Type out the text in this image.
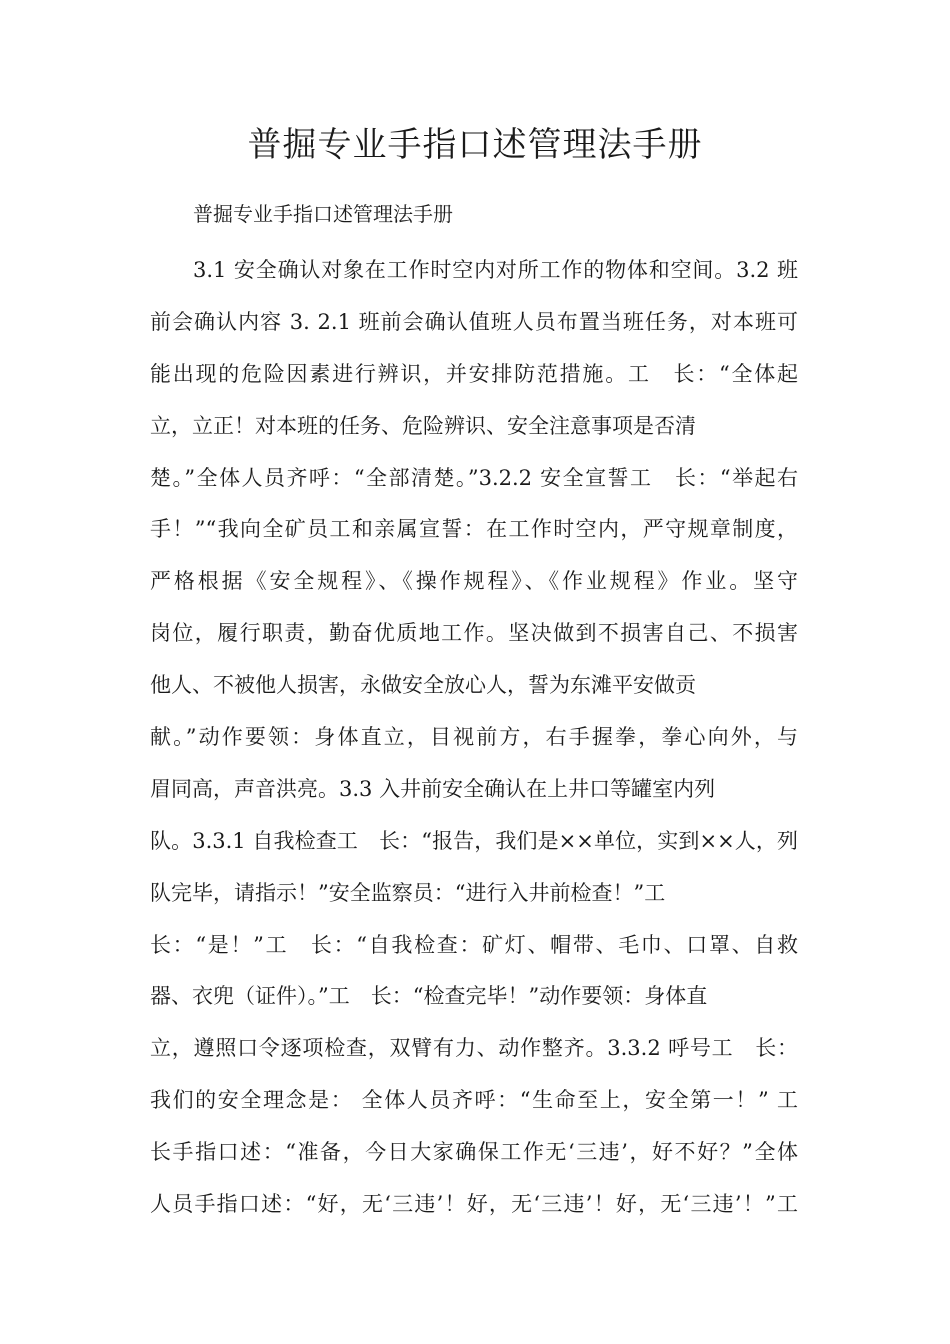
普掘专业手指口述管理法手册

普掘专业手指口述管理法手册

3.1 安全确认对象在工作时空内对所工作的物体和空间。3.2 班
前会确认内容 3. 2.1 班前会确认值班人员布置当班任务，对本班可
能出现的危险因素进行辨识，并安排防范措施。工　长：“全体起
立，立正！对本班的任务、危险辨识、安全注意事项是否清
楚。”全体人员齐呼：“全部清楚。”3.2.2 安全宣誓工　长：“举起右
手！”“我向全矿员工和亲属宣誓：在工作时空内，严守规章制度，
严格根据《安全规程》、《操作规程》、《作业规程》作业。坚守
岗位，履行职责，勤奋优质地工作。坚决做到不损害自己、不损害
他人、不被他人损害，永做安全放心人，誓为东滩平安做贡
献。”动作要领：身体直立，目视前方，右手握拳，拳心向外，与
眉同高，声音洪亮。3.3 入井前安全确认在上井口等罐室内列
队。3.3.1 自我检查工　长：“报告，我们是××单位，实到××人，列
队完毕，请指示！”安全监察员：“进行入井前检查！”工
长：“是！”工　长：“自我检查：矿灯、帽带、毛巾、口罩、自救
器、衣兜（证件）。”工　长：“检查完毕！”动作要领：身体直
立，遵照口令逐项检查，双臂有力、动作整齐。3.3.2 呼号工　长：
我们的安全理念是： 全体人员齐呼：“生命至上，安全第一！” 工
长手指口述：“准备，今日大家确保工作无‘三违’，好不好？”全体
人员手指口述：“好，无‘三违’！好，无‘三违’！好，无‘三违’！”工
